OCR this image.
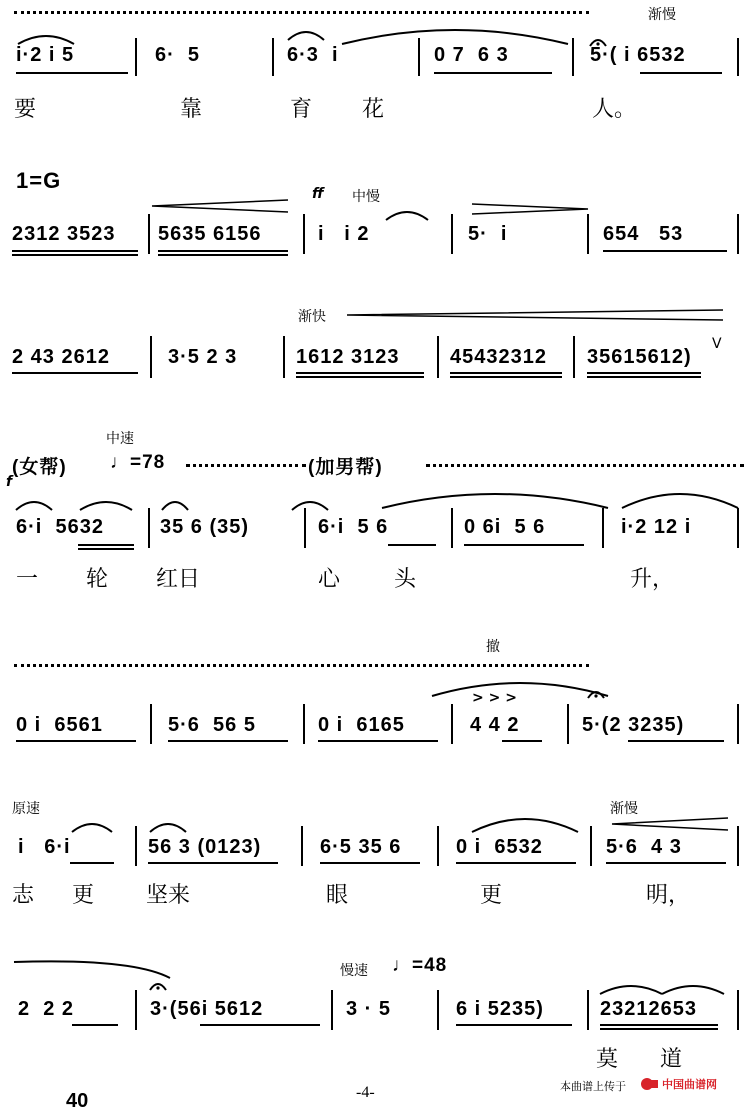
渐慢
i·2 i 5	6·  5	6·3  i	0 7  6 3	5·( i 6532
要	靠	育 花	人。
1=G
ff 中慢
2312 3523 5635 6156	i   i 2	5·  i	654   53
渐快
2 43 2612	3·5 2 3	1612 3123	45432312 35615612)
V
中速
(女帮) ♩=78	(加男帮)
f
6·i  5632	35 6 (35)	6·i  5 6	0 6i  5 6	i·2 12 i
一 轮 红日	心 头	升，
撤
> > >
0 i  6561	5·6  56 5	0 i  6165	4 4 2	5·(2 3235)
原速	渐慢
i   6·i	56 3 (0123)	6·5 35 6	0 i  6532	5·6  4 3
志 更 坚来	眼	更	明，
慢速 ♩=48
2  2 2	3·(56i 5612	3 · 5	6 i 5235)	23212653
莫 道
40	-4-	本曲谱上传于	中国曲谱网
